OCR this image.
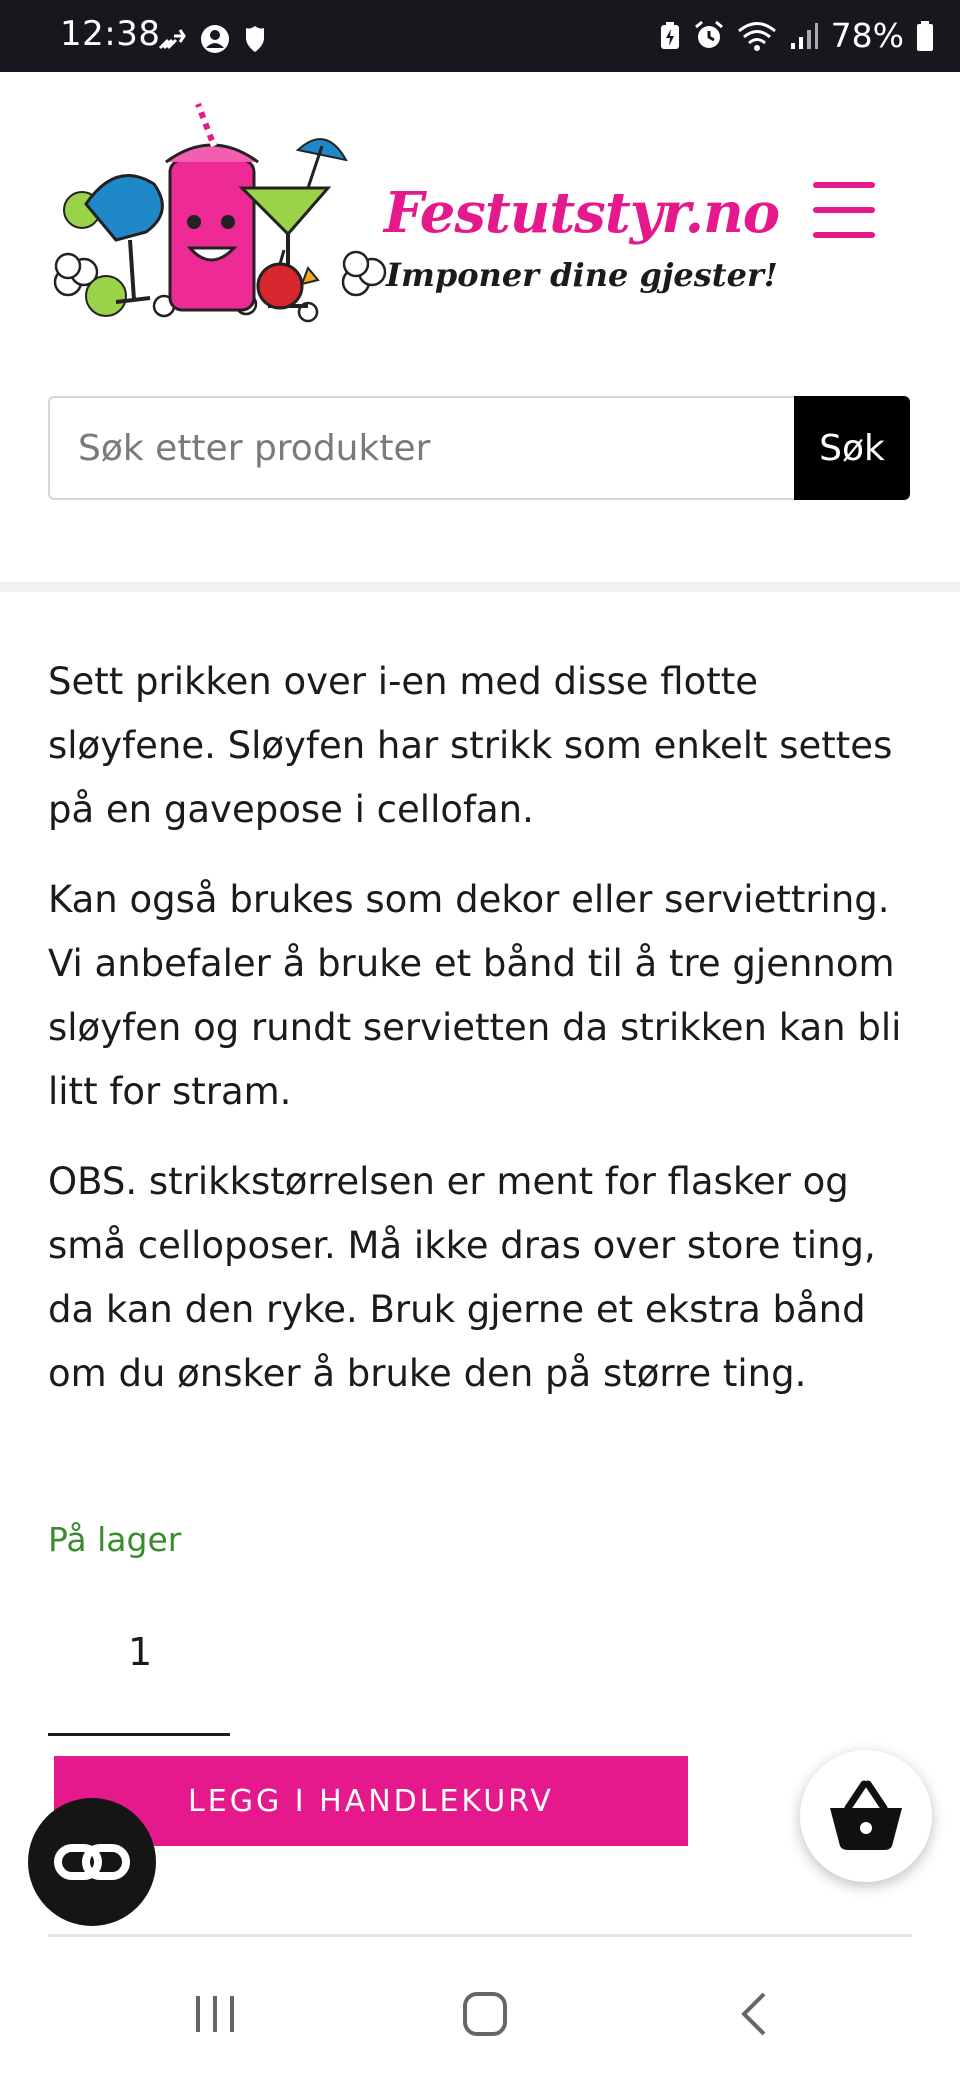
12:38	78%
Festutstyr.no
Imponer dine gjester!
Søk etter produkter
Søk

Sett prikken over i-en med disse flotte sløyfene. Sløyfen har strikk som enkelt settes på en gavepose i cellofan.

Kan også brukes som dekor eller serviettring. Vi anbefaler å bruke et bånd til å tre gjennom sløyfen og rundt servietten da strikken kan bli litt for stram.

OBS. strikkstørrelsen er ment for flasker og små celloposer. Må ikke dras over store ting, da kan den ryke. Bruk gjerne et ekstra bånd om du ønsker å bruke den på større ting.

På lager
1
LEGG I HANDLEKURV
